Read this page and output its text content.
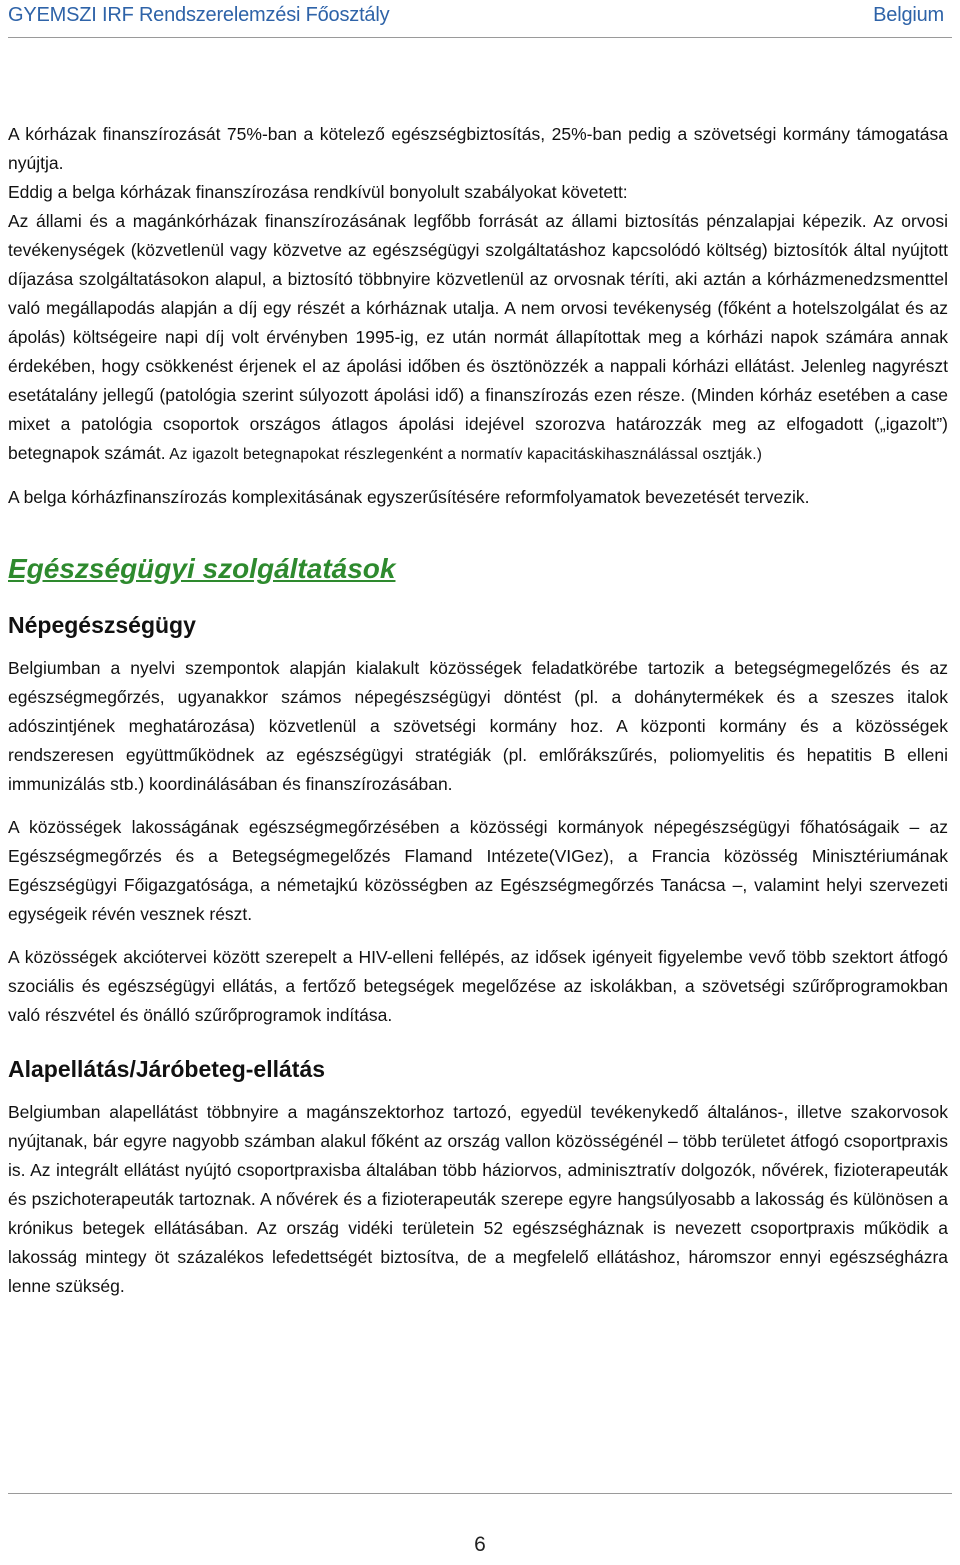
GYEMSZI IRF Rendszerelemzési Főosztály	Belgium

A kórházak finanszírozását 75%-ban a kötelező egészségbiztosítás, 25%-ban pedig a szövetségi kormány támogatása nyújtja.

Eddig a belga kórházak finanszírozása rendkívül bonyolult szabályokat követett:

Az állami és a magánkórházak finanszírozásának legfőbb forrását az állami biztosítás pénzalapjai képezik. Az orvosi tevékenységek (közvetlenül vagy közvetve az egészségügyi szolgáltatáshoz kapcsolódó költség) biztosítók által nyújtott díjazása szolgáltatásokon alapul, a biztosító többnyire közvetlenül az orvosnak téríti, aki aztán a kórházmenedzsmenttel való megállapodás alapján a díj egy részét a kórháznak utalja. A nem orvosi tevékenység (főként a hotelszolgálat és az ápolás) költségeire napi díj volt érvényben 1995-ig, ez után normát állapítottak meg a kórházi napok számára annak érdekében, hogy csökkenést érjenek el az ápolási időben és ösztönözzék a nappali kórházi ellátást. Jelenleg nagyrészt esetátalány jellegű (patológia szerint súlyozott ápolási idő) a finanszírozás ezen része. (Minden kórház esetében a case mixet a patológia csoportok országos átlagos ápolási idejével szorozva határozzák meg az elfogadott („igazolt”) betegnapok számát. Az igazolt betegnapokat részlegenként a normatív kapacitáskihasználással osztják.)

A belga kórházfinanszírozás komplexitásának egyszerűsítésére reformfolyamatok bevezetését tervezik.

Egészségügyi szolgáltatások
Népegészségügy

Belgiumban a nyelvi szempontok alapján kialakult közösségek feladatkörébe tartozik a betegségmegelőzés és az egészségmegőrzés, ugyanakkor számos népegészségügyi döntést (pl. a dohánytermékek és a szeszes italok adószintjének meghatározása) közvetlenül a szövetségi kormány hoz. A központi kormány és a közösségek rendszeresen együttműködnek az egészségügyi stratégiák (pl. emlőrákszűrés, poliomyelitis és hepatitis B elleni immunizálás stb.) koordinálásában és finanszírozásában.

A közösségek lakosságának egészségmegőrzésében a közösségi kormányok népegészségügyi főhatóságaik – az Egészségmegőrzés és a Betegségmegelőzés Flamand Intézete(VIGez), a Francia közösség Minisztériumának Egészségügyi Főigazgatósága, a németajkú közösségben az Egészségmegőrzés Tanácsa –, valamint helyi szervezeti egységeik révén vesznek részt.

A közösségek akciótervei között szerepelt a HIV-elleni fellépés, az idősek igényeit figyelembe vevő több szektort átfogó szociális és egészségügyi ellátás, a fertőző betegségek megelőzése az iskolákban, a szövetségi szűrőprogramokban való részvétel és önálló szűrőprogramok indítása.

Alapellátás/Járóbeteg-ellátás

Belgiumban alapellátást többnyire a magánszektorhoz tartozó, egyedül tevékenykedő általános-, illetve szakorvosok nyújtanak, bár egyre nagyobb számban alakul főként az ország vallon közösségénél – több területet átfogó csoportpraxis is. Az integrált ellátást nyújtó csoportpraxisba általában több háziorvos, adminisztratív dolgozók, nővérek, fizioterapeuták és pszichoterapeuták tartoznak. A nővérek és a fizioterapeuták szerepe egyre hangsúlyosabb a lakosság és különösen a krónikus betegek ellátásában. Az ország vidéki területein 52 egészségháznak is nevezett csoportpraxis működik a lakosság mintegy öt százalékos lefedettségét biztosítva, de a megfelelő ellátáshoz, háromszor ennyi egészségházra lenne szükség.

6
